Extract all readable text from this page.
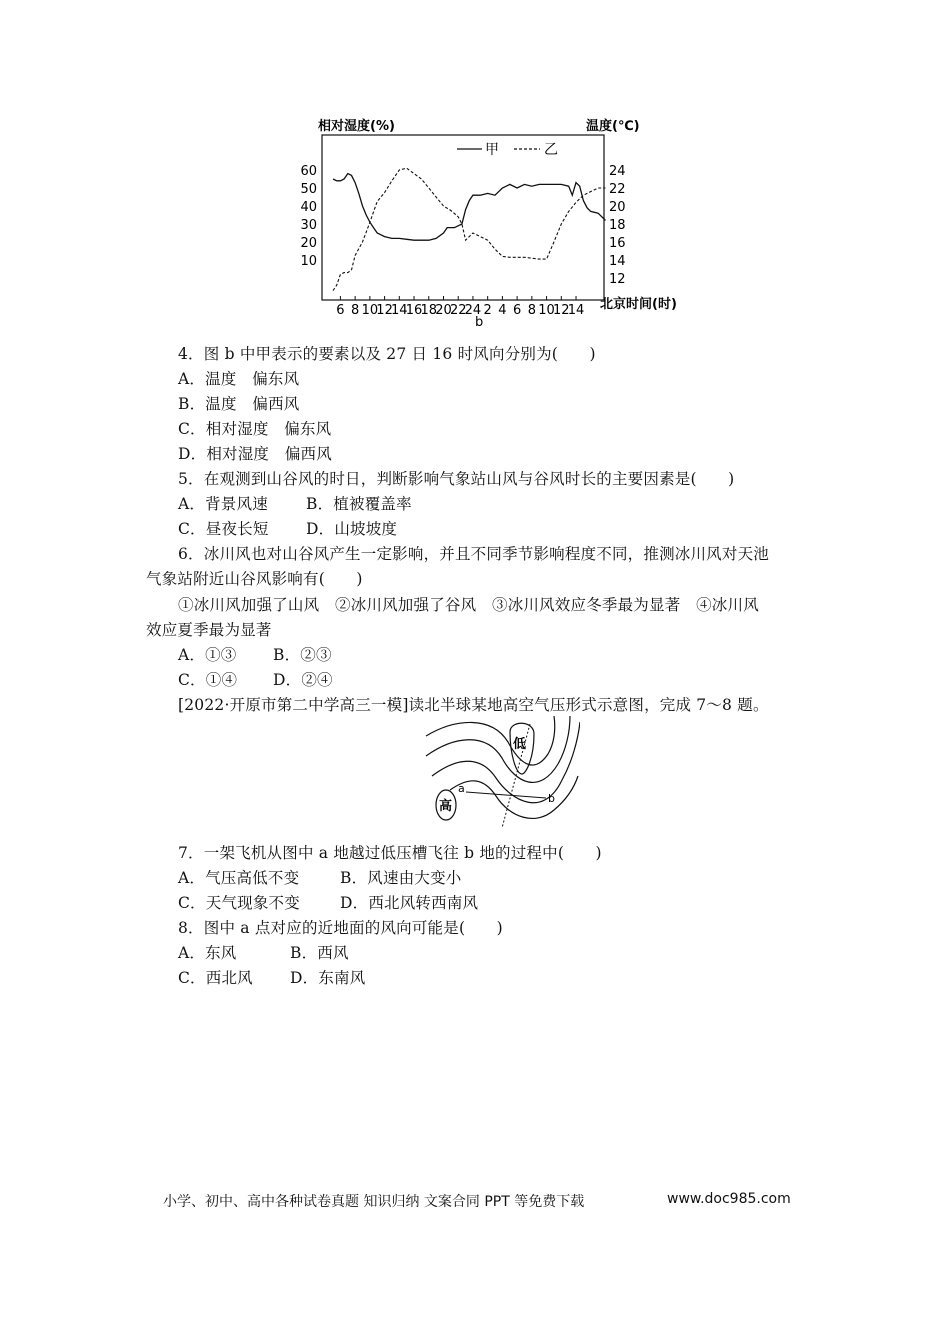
相对湿度(%)	温度(℃)
甲	乙
10
20
30
40
50
60
12
14
16
18
20
22
24
6 8 10
12
14
16
18
20
22
24 2 4 6 8 10
12
14 北京时间(时)
b
4．图 b 中甲表示的要素以及 27 日 16 时风向分别为(　　)
A．温度　偏东风
B．温度　偏西风
C．相对湿度　偏东风
D．相对湿度　偏西风
5．在观测到山谷风的时日，判断影响气象站山风与谷风时长的主要因素是(　　)
A．背景风速 B．植被覆盖率
C．昼夜长短 D．山坡坡度
6．冰川风也对山谷风产生一定影响，并且不同季节影响程度不同，推测冰川风对天池
气象站附近山谷风影响有(　　)
①冰川风加强了山风　②冰川风加强了谷风　③冰川风效应冬季最为显著　④冰川风
效应夏季最为显著
A．①③ B．②③
C．①④ D．②④
[2022·开原市第二中学高三一模]读北半球某地高空气压形式示意图，完成 7～8 题。
低
高
a
b
7．一架飞机从图中 a 地越过低压槽飞往 b 地的过程中(　　)
A．气压高低不变	B．风速由大变小
C．天气现象不变	D．西北风转西南风
8．图中 a 点对应的近地面的风向可能是(　　)
A．东风	B．西风
C．西北风 D．东南风
小学、初中、高中各种试卷真题 知识归纳 文案合同 PPT 等免费下载	www.doc985.com
